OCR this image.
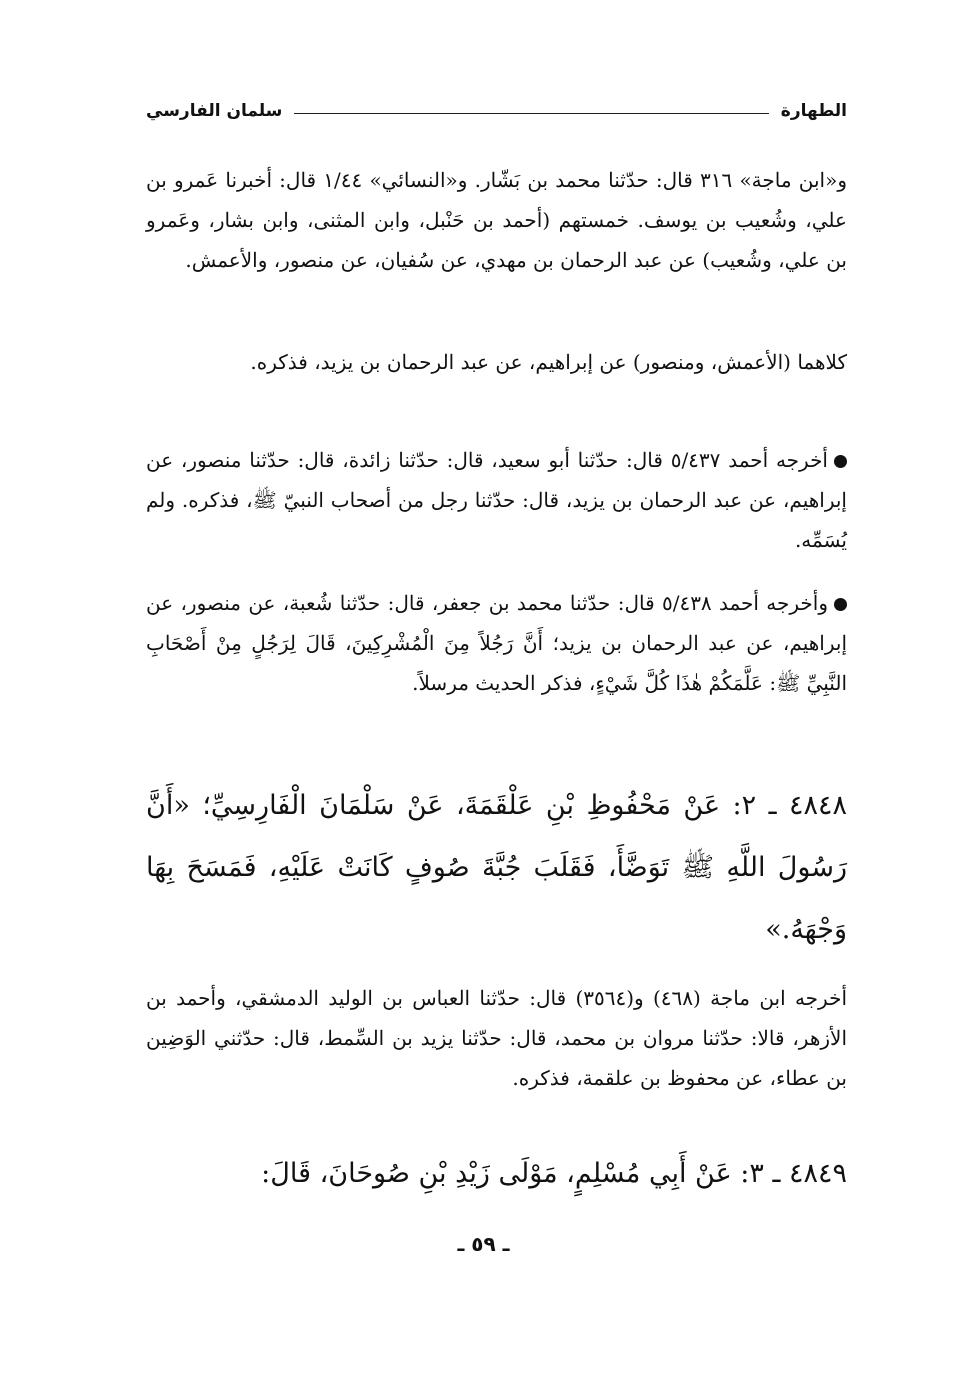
الطهارة
سلمان الفارسي
و«ابن ماجة» ٣١٦ قال: حدّثنا محمد بن بَشّار. و«النسائي» ١/٤٤ قال: أخبرنا عَمرو بن علي، وشُعيب بن يوسف. خمستهم (أحمد بن حَنْبل، وابن المثنى، وابن بشار، وعَمرو بن علي، وشُعيب) عن عبد الرحمان بن مهدي، عن سُفيان، عن منصور، والأعمش.
كلاهما (الأعمش، ومنصور) عن إبراهيم، عن عبد الرحمان بن يزيد، فذكره.
أخرجه أحمد ٥/٤٣٧ قال: حدّثنا أبو سعيد، قال: حدّثنا زائدة، قال: حدّثنا منصور، عن إبراهيم، عن عبد الرحمان بن يزيد، قال: حدّثنا رجل من أصحاب النبيّ ﷺ، فذكره. ولم يُسَمِّه.
وأخرجه أحمد ٥/٤٣٨ قال: حدّثنا محمد بن جعفر، قال: حدّثنا شُعبة، عن منصور، عن إبراهيم، عن عبد الرحمان بن يزيد؛ أَنَّ رَجُلاً مِنَ الْمُشْرِكِينَ، قَالَ لِرَجُلٍ مِنْ أَصْحَابِ النَّبِيِّ ﷺ: عَلَّمَكُمْ هٰذَا كُلَّ شَيْءٍ، فذكر الحديث مرسلاً.
٤٨٤٨ ـ ٢: عَنْ مَحْفُوظِ بْنِ عَلْقَمَةَ، عَنْ سَلْمَانَ الْفَارِسِيِّ؛ «أَنَّ رَسُولَ اللَّهِ ﷺ تَوَضَّأَ، فَقَلَبَ جُبَّةَ صُوفٍ كَانَتْ عَلَيْهِ، فَمَسَحَ بِهَا وَجْهَهُ.»
أخرجه ابن ماجة (٤٦٨) و(٣٥٦٤) قال: حدّثنا العباس بن الوليد الدمشقي، وأحمد بن الأزهر، قالا: حدّثنا مروان بن محمد، قال: حدّثنا يزيد بن السِّمط، قال: حدّثني الوَضِين بن عطاء، عن محفوظ بن علقمة، فذكره.
٤٨٤٩ ـ ٣: عَنْ أَبِي مُسْلِمٍ، مَوْلَى زَيْدِ بْنِ صُوحَانَ، قَالَ:
ـ ٥٩ ـ
